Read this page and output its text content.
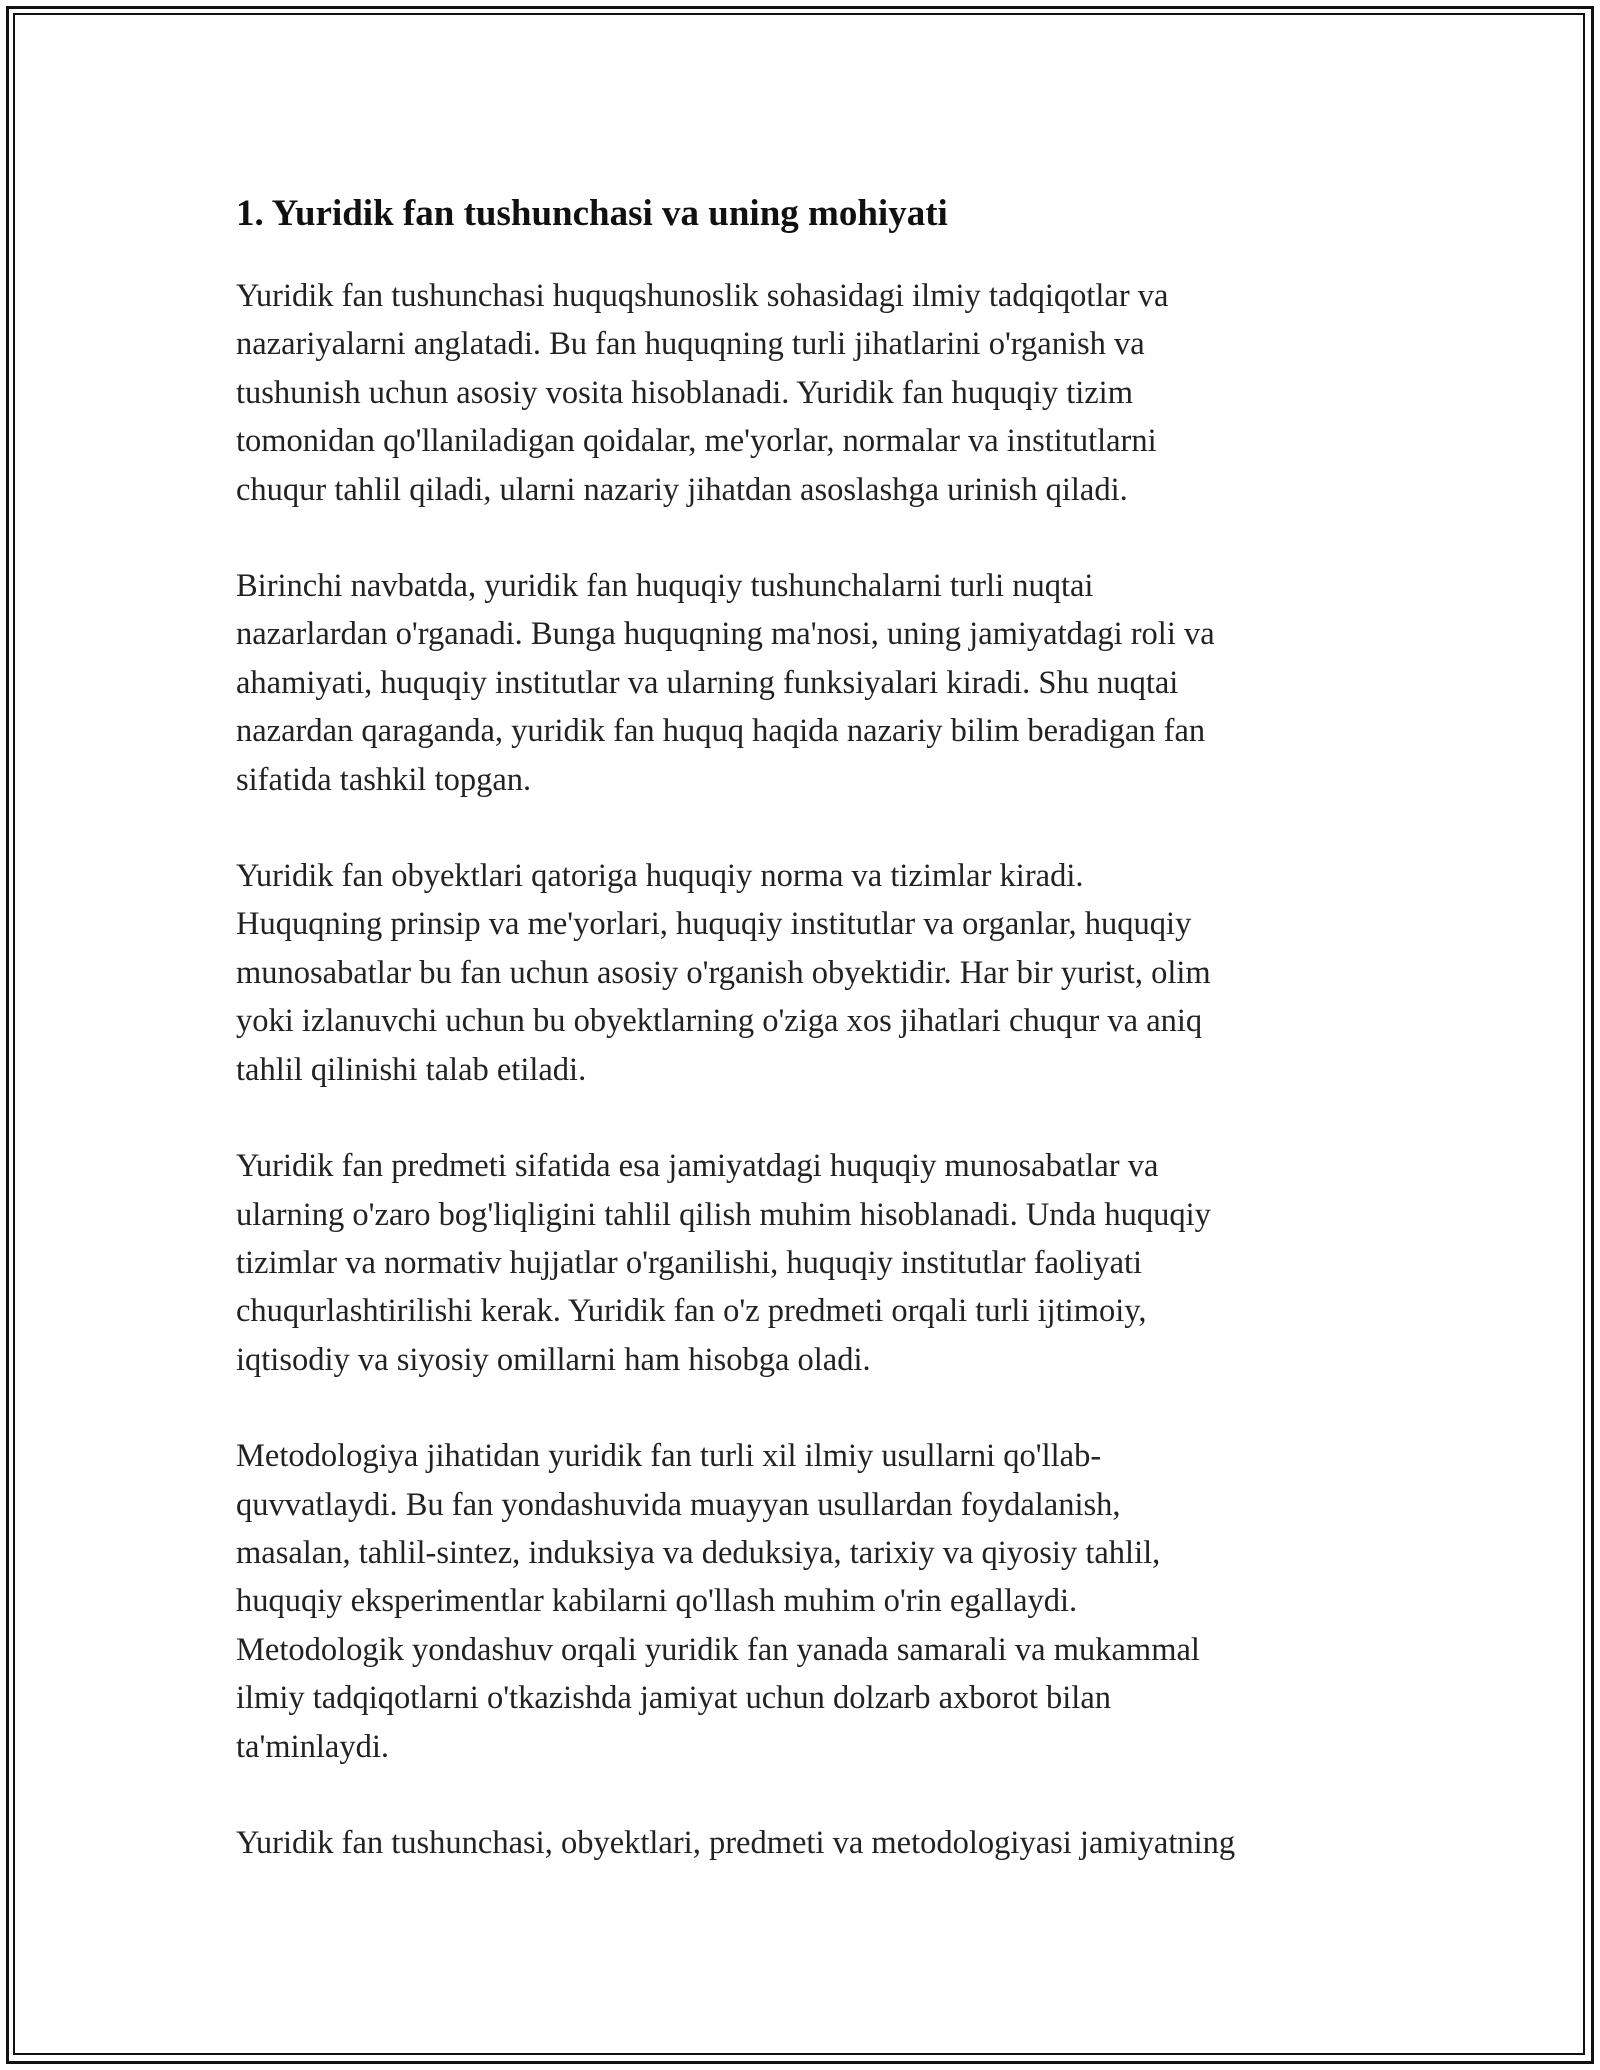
1. Yuridik fan tushunchasi va uning mohiyati

Yuridik fan tushunchasi huquqshunoslik sohasidagi ilmiy tadqiqotlar va
nazariyalarni anglatadi. Bu fan huquqning turli jihatlarini o'rganish va
tushunish uchun asosiy vosita hisoblanadi. Yuridik fan huquqiy tizim
tomonidan qo'llaniladigan qoidalar, me'yorlar, normalar va institutlarni
chuqur tahlil qiladi, ularni nazariy jihatdan asoslashga urinish qiladi.

Birinchi navbatda, yuridik fan huquqiy tushunchalarni turli nuqtai
nazarlardan o'rganadi. Bunga huquqning ma'nosi, uning jamiyatdagi roli va
ahamiyati, huquqiy institutlar va ularning funksiyalari kiradi. Shu nuqtai
nazardan qaraganda, yuridik fan huquq haqida nazariy bilim beradigan fan
sifatida tashkil topgan.

Yuridik fan obyektlari qatoriga huquqiy norma va tizimlar kiradi.
Huquqning prinsip va me'yorlari, huquqiy institutlar va organlar, huquqiy
munosabatlar bu fan uchun asosiy o'rganish obyektidir. Har bir yurist, olim
yoki izlanuvchi uchun bu obyektlarning o'ziga xos jihatlari chuqur va aniq
tahlil qilinishi talab etiladi.

Yuridik fan predmeti sifatida esa jamiyatdagi huquqiy munosabatlar va
ularning o'zaro bog'liqligini tahlil qilish muhim hisoblanadi. Unda huquqiy
tizimlar va normativ hujjatlar o'rganilishi, huquqiy institutlar faoliyati
chuqurlashtirilishi kerak. Yuridik fan o'z predmeti orqali turli ijtimoiy,
iqtisodiy va siyosiy omillarni ham hisobga oladi.

Metodologiya jihatidan yuridik fan turli xil ilmiy usullarni qo'llab-
quvvatlaydi. Bu fan yondashuvida muayyan usullardan foydalanish,
masalan, tahlil-sintez, induksiya va deduksiya, tarixiy va qiyosiy tahlil,
huquqiy eksperimentlar kabilarni qo'llash muhim o'rin egallaydi.
Metodologik yondashuv orqali yuridik fan yanada samarali va mukammal
ilmiy tadqiqotlarni o'tkazishda jamiyat uchun dolzarb axborot bilan
ta'minlaydi.

Yuridik fan tushunchasi, obyektlari, predmeti va metodologiyasi jamiyatning
